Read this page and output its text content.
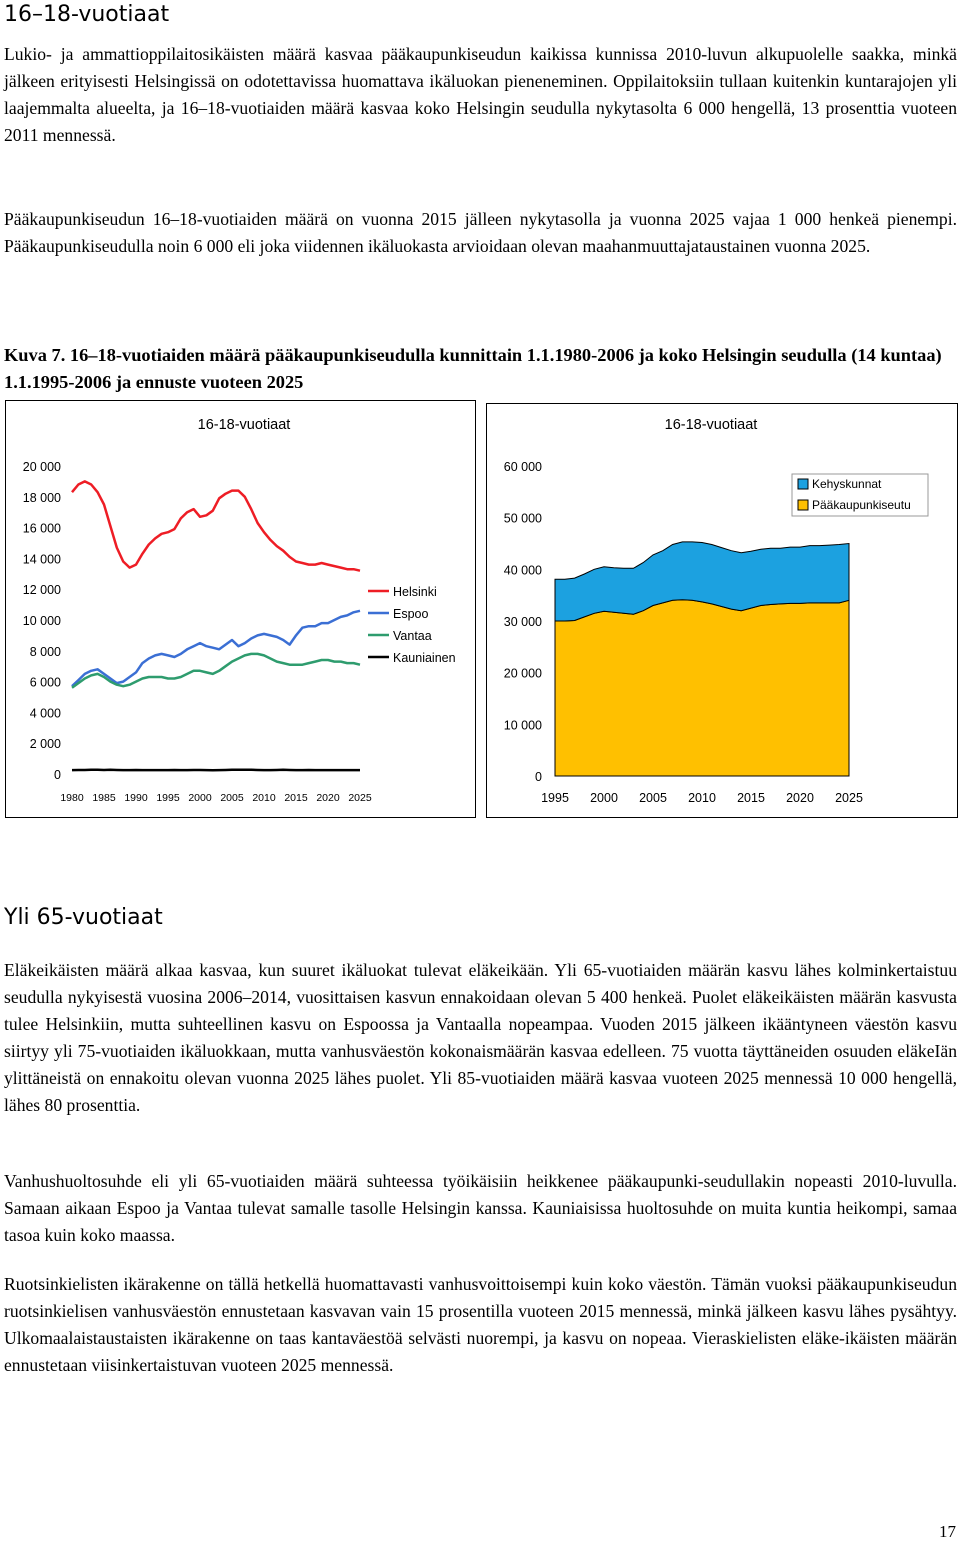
16–18-vuotiaat

Lukio- ja ammattioppilaitosikäisten määrä kasvaa pääkaupunkiseudun kaikissa kunnissa 2010-luvun alkupuolelle saakka, minkä jälkeen erityisesti Helsingissä on odotettavissa huomattava ikäluokan pieneneminen. Oppilaitoksiin tullaan kuitenkin kuntarajojen yli laajemmalta alueelta, ja 16–18-vuotiaiden määrä kasvaa koko Helsingin seudulla nykytasolta 6 000 hengellä, 13 prosenttia vuoteen 2011 mennessä.

Pääkaupunkiseudun 16–18-vuotiaiden määrä on vuonna 2015 jälleen nykytasolla ja vuonna 2025 vajaa 1 000 henkeä pienempi. Pääkaupunkiseudulla noin 6 000 eli joka viidennen ikäluokasta arvioidaan olevan maahanmuuttajataustainen vuonna 2025.

Kuva 7. 16–18-vuotiaiden määrä pääkaupunkiseudulla kunnittain 1.1.1980-2006 ja koko Helsingin seudulla (14 kuntaa) 1.1.1995-2006 ja ennuste vuoteen 2025

16-18-vuotiaat
0
2 000
4 000
6 000
8 000
10 000
12 000
14 000
16 000
18 000
20 000
1980 1985 1990 1995 2000 2005 2010 2015 2020 2025
Helsinki
Espoo
Vantaa
Kauniainen
16-18-vuotiaat
0
10 000
20 000
30 000
40 000
50 000
60 000
1995 2000 2005 2010 2015 2020 2025
Kehyskunnat
Pääkaupunkiseutu
Yli 65-vuotiaat

Eläkeikäisten määrä alkaa kasvaa, kun suuret ikäluokat tulevat eläkeikään. Yli 65-vuotiaiden määrän kasvu lähes kolminkertaistuu seudulla nykyisestä vuosina 2006–2014, vuosittaisen kasvun ennakoidaan olevan 5 400 henkeä. Puolet eläkeikäisten määrän kasvusta tulee Helsinkiin, mutta suhteellinen kasvu on Espoossa ja Vantaalla nopeampaa. Vuoden 2015 jälkeen ikääntyneen väestön kasvu siirtyy yli 75-vuotiaiden ikäluokkaan, mutta vanhusväestön kokonaismäärän kasvaa edelleen. 75 vuotta täyttäneiden osuuden eläkeIän ylittäneistä on ennakoitu olevan vuonna 2025 lähes puolet. Yli 85-vuotiaiden määrä kasvaa vuoteen 2025 mennessä 10 000 hengellä, lähes 80 prosenttia.

Vanhushuoltosuhde eli yli 65-vuotiaiden määrä suhteessa työikäisiin heikkenee pääkaupunki-seudullakin nopeasti 2010-luvulla. Samaan aikaan Espoo ja Vantaa tulevat samalle tasolle Helsingin kanssa. Kauniaisissa huoltosuhde on muita kuntia heikompi, samaa tasoa kuin koko maassa.

Ruotsinkielisten ikärakenne on tällä hetkellä huomattavasti vanhusvoittoisempi kuin koko väestön. Tämän vuoksi pääkaupunkiseudun ruotsinkielisen vanhusväestön ennustetaan kasvavan vain 15 prosentilla vuoteen 2015 mennessä, minkä jälkeen kasvu lähes pysähtyy. Ulkomaalaistaustaisten ikärakenne on taas kantaväestöä selvästi nuorempi, ja kasvu on nopeaa. Vieraskielisten eläke-ikäisten määrän ennustetaan viisinkertaistuvan vuoteen 2025 mennessä.

17
